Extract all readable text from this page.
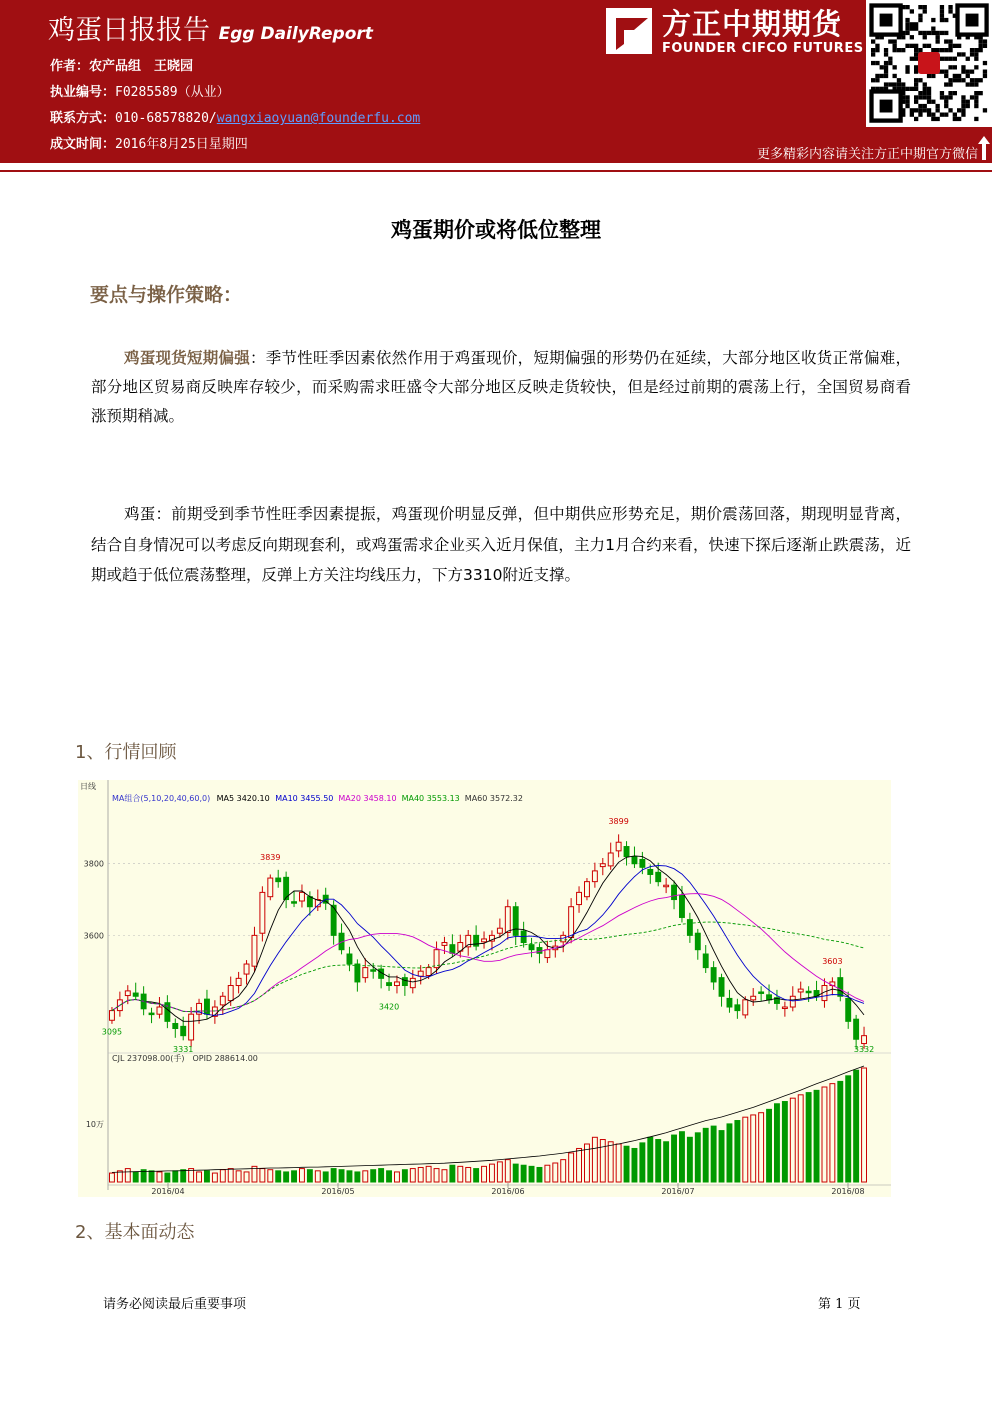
鸡蛋日报报告 Egg DailyReport
作者：农产品组　王晓园
执业编号：F0285589（从业）
联系方式：010-68578820/wangxiaoyuan@founderfu.com
成文时间：2016年8月25日星期四
方正中期期货
FOUNDER CIFCO FUTURES
更多精彩内容请关注方正中期官方微信
鸡蛋期价或将低位整理
要点与操作策略：
鸡蛋现货短期偏强：季节性旺季因素依然作用于鸡蛋现价，短期偏强的形势仍在延续，大部分地区收货正常偏难，部分地区贸易商反映库存较少，而采购需求旺盛令大部分地区反映走货较快，但是经过前期的震荡上行，全国贸易商看涨预期稍减。
鸡蛋：前期受到季节性旺季因素提振，鸡蛋现价明显反弹，但中期供应形势充足，期价震荡回落，期现明显背离，结合自身情况可以考虑反向期现套利，或鸡蛋需求企业买入近月保值，主力1月合约来看，快速下探后逐渐止跌震荡，近期或趋于低位震荡整理，反弹上方关注均线压力，下方3310附近支撑。
1、行情回顾
日线
MA组合(5,10,20,40,60,0) MA5 3420.10 MA10 3455.50 MA20 3458.10 MA40 3553.13 MA60 3572.32
3800
3600
10万
CJL 237098.00(手)　OPID 288614.00
3839
3899
3420
3331
3095
3332
3603
2016/04	2016/05	2016/06	2016/07	2016/08
2、基本面动态
请务必阅读最后重要事项	第 1 页
